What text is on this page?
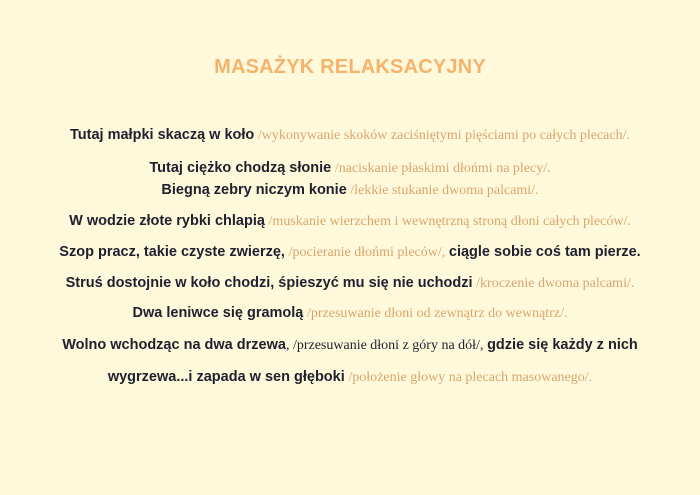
MASAŻYK RELAKSACYJNY
Tutaj małpki skaczą w koło /wykonywanie skoków zaciśniętymi pięściami po całych plecach/.
Tutaj ciężko chodzą słonie /naciskanie płaskimi dłońmi na plecy/.
Biegną zebry niczym konie /lekkie stukanie dwoma palcami/.
W wodzie złote rybki chlapią /muskanie wierzchem i wewnętrzną stroną dłoni całych pleców/.
Szop pracz, takie czyste zwierzę, /pocieranie dłońmi pleców/, ciągle sobie coś tam pierze.
Struś dostojnie w koło chodzi, śpieszyć mu się nie uchodzi /kroczenie dwoma palcami/.
Dwa leniwce się gramolą /przesuwanie dłoni od zewnątrz do wewnątrz/.
Wolno wchodząc na dwa drzewa, /przesuwanie dłoni z góry na dół/, gdzie się każdy z nich
wygrzewa...i zapada w sen głęboki /położenie głowy na plecach masowanego/.
